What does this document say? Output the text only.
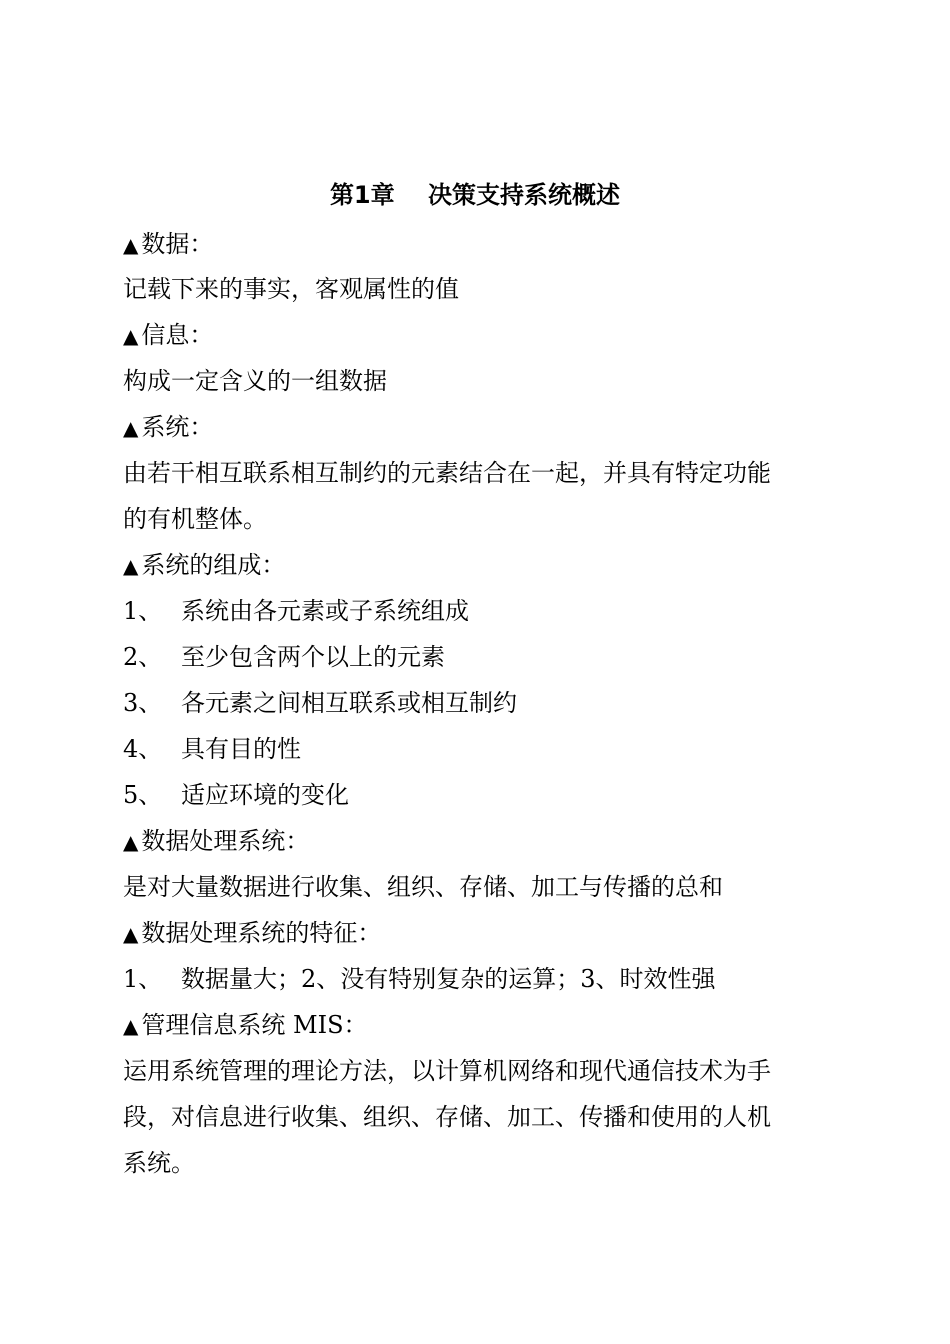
第1章    决策支持系统概述
▲ 数据：
记载下来的事实，客观属性的值
▲ 信息：
构成一定含义的一组数据
▲ 系统：
由若干相互联系相互制约的元素结合在一起，并具有特定功能
的有机整体。
▲ 系统的组成：
1、 系统由各元素或子系统组成
2、 至少包含两个以上的元素
3、 各元素之间相互联系或相互制约
4、 具有目的性
5、 适应环境的变化
▲ 数据处理系统：
是对大量数据进行收集、组织、存储、加工与传播的总和
▲ 数据处理系统的特征：
1、 数据量大；2、没有特别复杂的运算；3、时效性强
▲ 管理信息系统 MIS：
运用系统管理的理论方法，以计算机网络和现代通信技术为手
段，对信息进行收集、组织、存储、加工、传播和使用的人机
系统。
